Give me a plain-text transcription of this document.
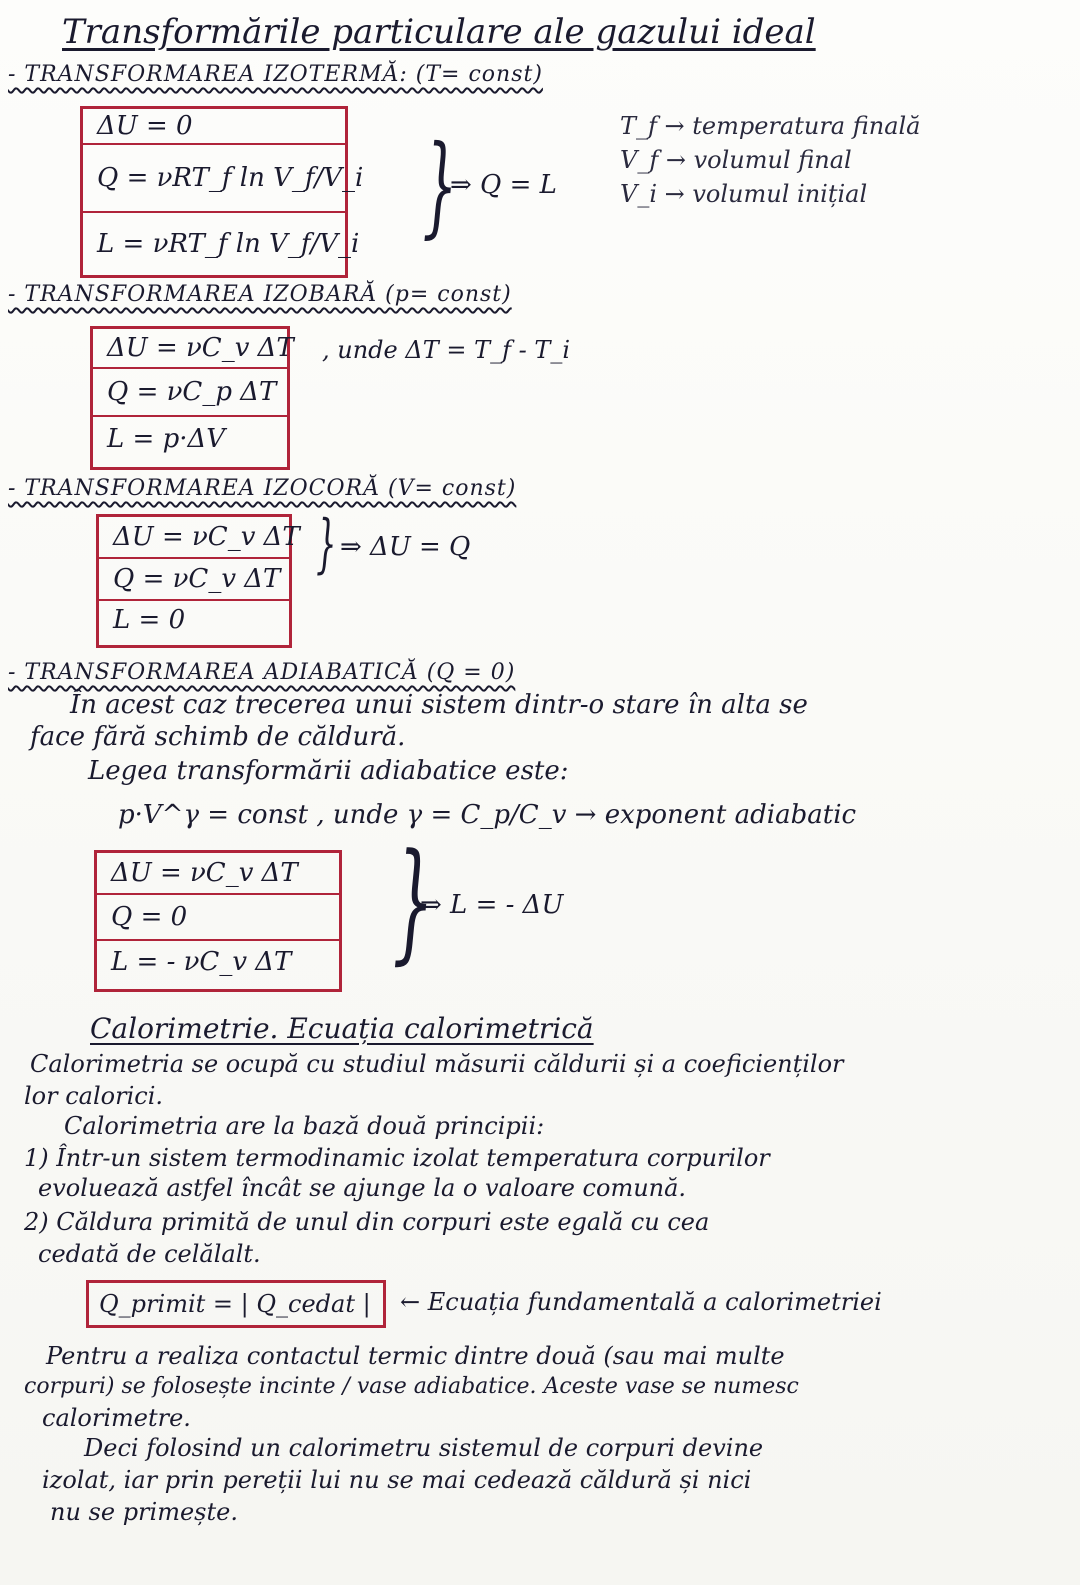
Transformările particulare ale gazului ideal
- TRANSFORMAREA IZOTERMĂ: (T= const)
ΔU = 0
Q = νRT_f ln V_f/V_i
L = νRT_f ln V_f/V_i }
⇒ Q = L
T_f → temperatura finală
V_f → volumul final
V_i → volumul inițial
- TRANSFORMAREA IZOBARĂ (p= const)
ΔU = νC_v ΔT
Q = νC_p ΔT
L = p·ΔV
, unde ΔT = T_f - T_i
- TRANSFORMAREA IZOCORĂ (V= const)
ΔU = νC_v ΔT
Q = νC_v ΔT
L = 0
} ⇒ ΔU = Q
- TRANSFORMAREA ADIABATICĂ (Q = 0)
În acest caz trecerea unui sistem dintr-o stare în alta se
face fără schimb de căldură.
Legea transformării adiabatice este:
p·V^γ = const , unde γ = C_p/C_v → exponent adiabatic
ΔU = νC_v ΔT
Q = 0
L = - νC_v ΔT }
⇒ L = - ΔU
Calorimetrie. Ecuația calorimetrică
Calorimetria se ocupă cu studiul măsurii căldurii și a coeficienților
lor calorici.
Calorimetria are la bază două principii:
1) Într-un sistem termodinamic izolat temperatura corpurilor
evoluează astfel încât se ajunge la o valoare comună.
2) Căldura primită de unul din corpuri este egală cu cea
cedată de celălalt.
Q_primit = | Q_cedat |	← Ecuația fundamentală a calorimetriei
Pentru a realiza contactul termic dintre două (sau mai multe
corpuri) se folosește incinte / vase adiabatice. Aceste vase se numesc
calorimetre.
Deci folosind un calorimetru sistemul de corpuri devine
izolat, iar prin pereții lui nu se mai cedează căldură și nici
nu se primește.
